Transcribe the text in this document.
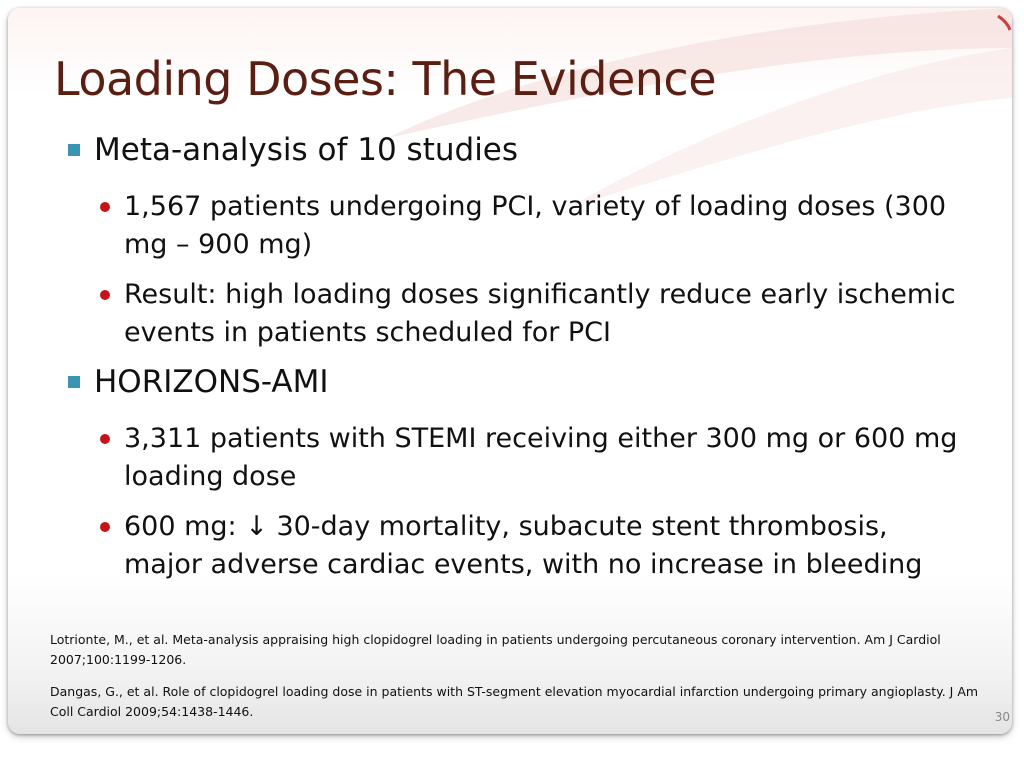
Loading Doses: The Evidence
Meta-analysis of 10 studies
1,567 patients undergoing PCI, variety of loading doses (300 mg – 900 mg)
Result: high loading doses significantly reduce early ischemic events in patients scheduled for PCI
HORIZONS-AMI
3,311 patients with STEMI receiving either 300 mg or 600 mg loading dose
600 mg: ↓ 30-day mortality, subacute stent thrombosis, major adverse cardiac events, with no increase in bleeding
Lotrionte, M., et al. Meta-analysis appraising high clopidogrel loading in patients undergoing percutaneous coronary intervention. Am J Cardiol 2007;100:1199-1206.
Dangas, G., et al. Role of clopidogrel loading dose in patients with ST-segment elevation myocardial infarction undergoing primary angioplasty. J Am Coll Cardiol 2009;54:1438-1446.	30
